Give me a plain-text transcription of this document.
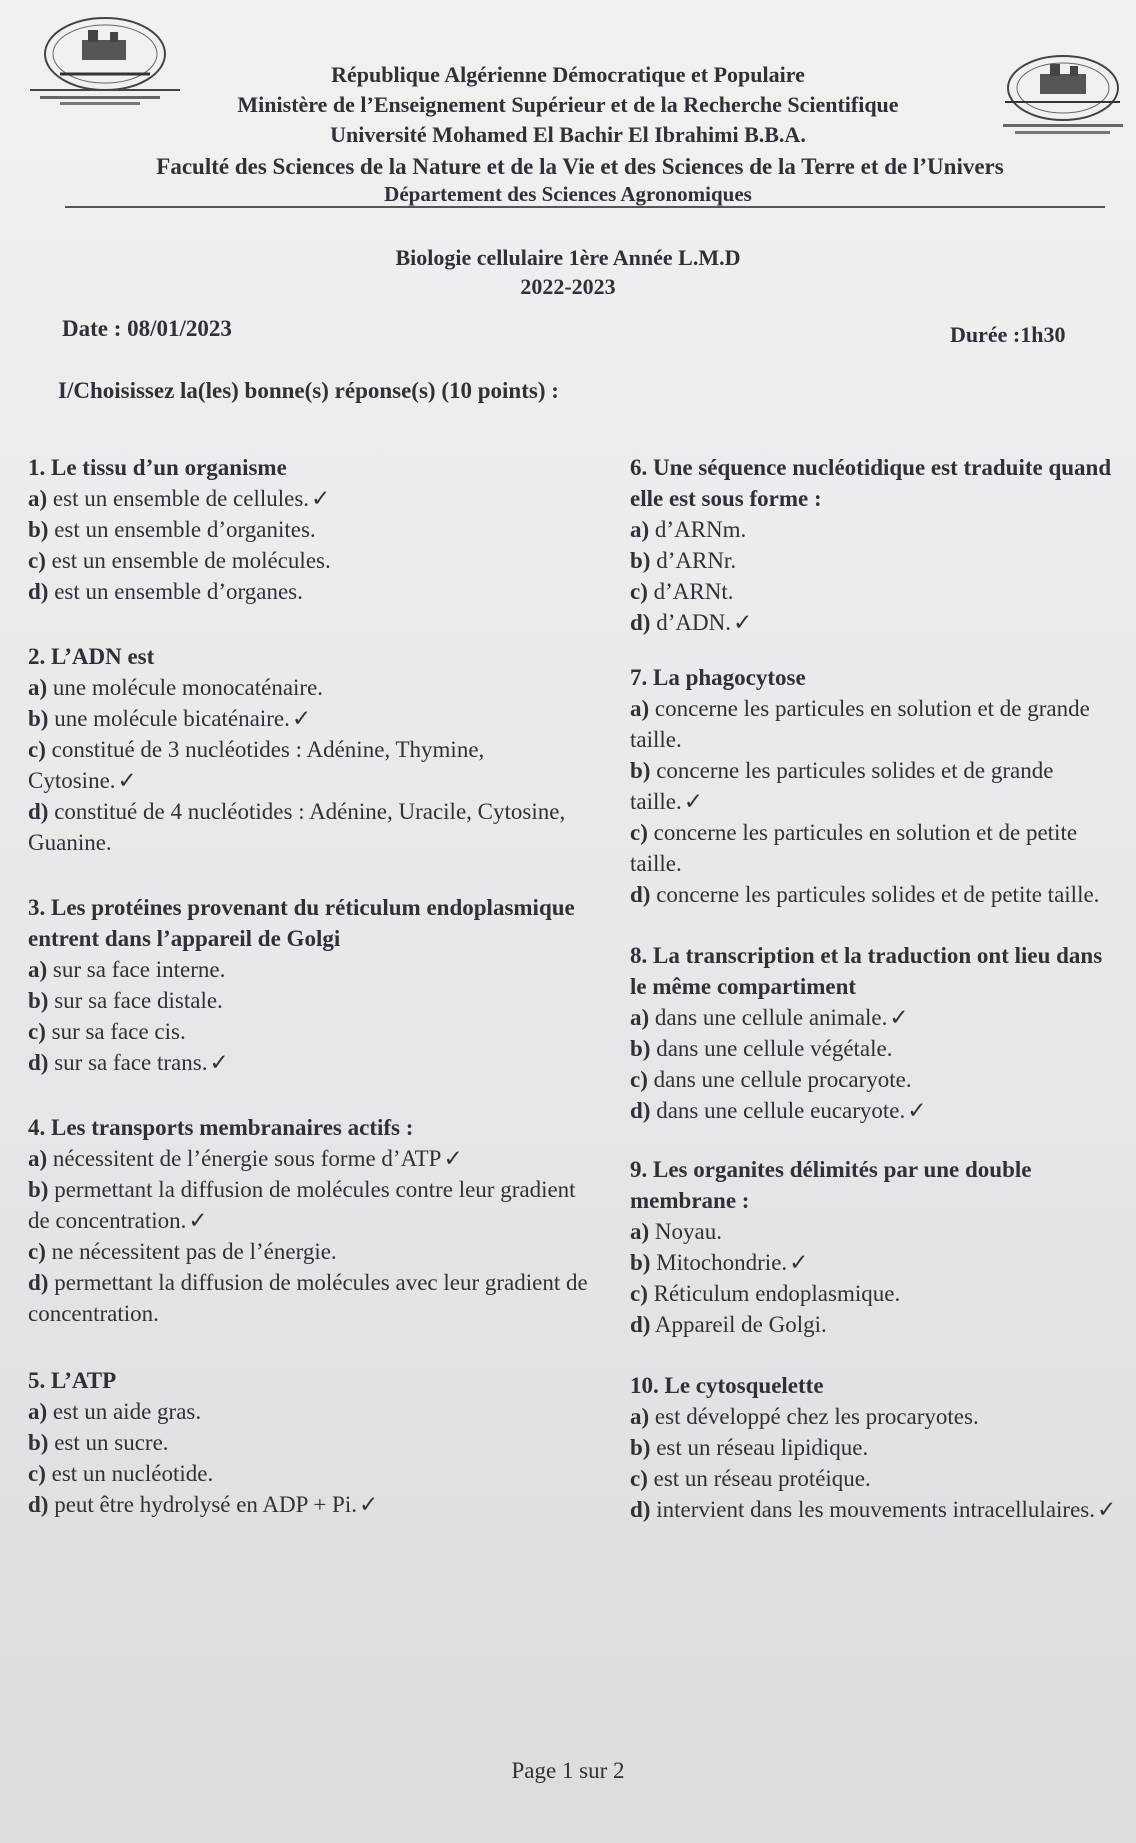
République Algérienne Démocratique et Populaire
Ministère de l’Enseignement Supérieur et de la Recherche Scientifique
Université Mohamed El Bachir El Ibrahimi B.B.A.
Faculté des Sciences de la Nature et de la Vie et des Sciences de la Terre et de l’Univers
Département des Sciences Agronomiques
Biologie cellulaire 1ère Année L.M.D
2022-2023
Date : 08/01/2023	Durée :1h30
I/Choisissez la(les) bonne(s) réponse(s) (10 points) :
1. Le tissu d’un organisme
a) est un ensemble de cellules.✓
b) est un ensemble d’organites.
c) est un ensemble de molécules.
d) est un ensemble d’organes.
2. L’ADN est
a) une molécule monocaténaire.
b) une molécule bicaténaire.✓
c) constitué de 3 nucléotides : Adénine, Thymine, Cytosine.✓
d) constitué de 4 nucléotides : Adénine, Uracile, Cytosine, Guanine.
3. Les protéines provenant du réticulum endoplasmique entrent dans l’appareil de Golgi
a) sur sa face interne.
b) sur sa face distale.
c) sur sa face cis.
d) sur sa face trans.✓
4. Les transports membranaires actifs :
a) nécessitent de l’énergie sous forme d’ATP✓
b) permettant la diffusion de molécules contre leur gradient de concentration.✓
c) ne nécessitent pas de l’énergie.
d) permettant la diffusion de molécules avec leur gradient de concentration.
5. L’ATP
a) est un aide gras.
b) est un sucre.
c) est un nucléotide.
d) peut être hydrolysé en ADP + Pi.✓
6. Une séquence nucléotidique est traduite quand elle est sous forme :
a) d’ARNm.
b) d’ARNr.
c) d’ARNt.
d) d’ADN.✓
7. La phagocytose
a) concerne les particules en solution et de grande taille.
b) concerne les particules solides et de grande taille.✓
c) concerne les particules en solution et de petite taille.
d) concerne les particules solides et de petite taille.
8. La transcription et la traduction ont lieu dans le même compartiment
a) dans une cellule animale.✓
b) dans une cellule végétale.
c) dans une cellule procaryote.
d) dans une cellule eucaryote.✓
9. Les organites délimités par une double membrane :
a) Noyau.
b) Mitochondrie.✓
c) Réticulum endoplasmique.
d) Appareil de Golgi.
10. Le cytosquelette
a) est développé chez les procaryotes.
b) est un réseau lipidique.
c) est un réseau protéique.
d) intervient dans les mouvements intracellulaires.✓
Page 1 sur 2
